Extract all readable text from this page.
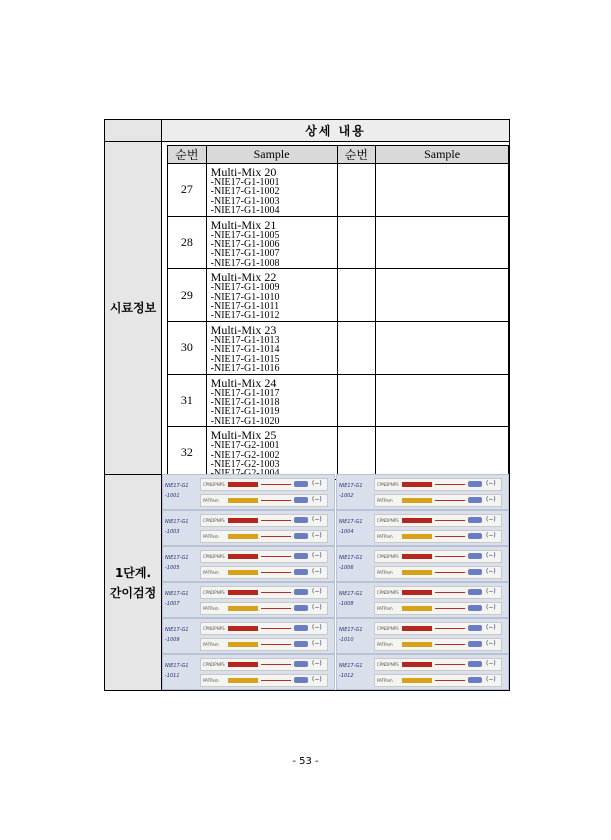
상세 내용
시료정보
1단계.
간이검정
순번	Sample	순번	Sample
27	Multi-Mix 20
-NIE17-G1-1001
-NIE17-G1-1002
-NIE17-G1-1003
-NIE17-G1-1004		

28	Multi-Mix 21
-NIE17-G1-1005
-NIE17-G1-1006
-NIE17-G1-1007
-NIE17-G1-1008		

29	Multi-Mix 22
-NIE17-G1-1009
-NIE17-G1-1010
-NIE17-G1-1011
-NIE17-G1-1012		

30	Multi-Mix 23
-NIE17-G1-1013
-NIE17-G1-1014
-NIE17-G1-1015
-NIE17-G1-1016		

31	Multi-Mix 24
-NIE17-G1-1017
-NIE17-G1-1018
-NIE17-G1-1019
-NIE17-G1-1020		

32	Multi-Mix 25
-NIE17-G2-1001
-NIE17-G2-1002
-NIE17-G2-1003		

NIE17-G1
-1001
CPNDPNPS	(−)
PATPam	(−)
NIE17-G1
-1002
CPNDPNPS	(−)
PATPam	(−)
NIE17-G1
-1003
CPNDPNPS	(−)
PATPam	(−)
NIE17-G1
-1004
CPNDPNPS	(−)
PATPam	(−)
NIE17-G1
-1005
CPNDPNPS	(−)
PATPam	(−)
NIE17-G1
-1006
CPNDPNPS	(−)
PATPam	(−)
NIE17-G1
-1007
CPNDPNPS	(−)
PATPam	(−)
NIE17-G1
-1008
CPNDPNPS	(−)
PATPam	(−)
NIE17-G1
-1009
CPNDPNPS	(−)
PATPam	(−)
NIE17-G1
-1010
CPNDPNPS	(−)
PATPam	(−)
NIE17-G1
-1011
CPNDPNPS	(−)
PATPam	(−)
NIE17-G1
-1012
CPNDPNPS	(−)
PATPam	(−)
- 53 -
